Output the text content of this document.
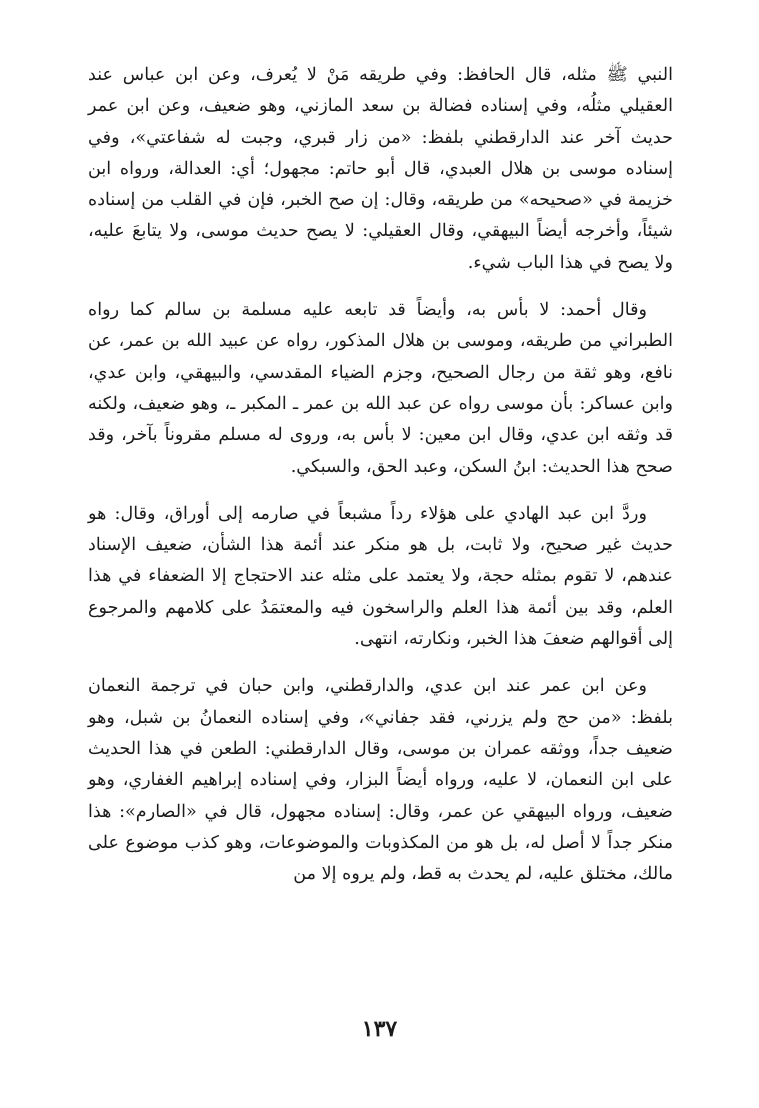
النبي ﷺ مثله، قال الحافظ: وفي طريقه مَنْ لا يُعرف، وعن ابن عباس عند العقيلي مثلُه، وفي إسناده فضالة بن سعد المازني، وهو ضعيف، وعن ابن عمر حديث آخر عند الدارقطني بلفظ: «من زار قبري، وجبت له شفاعتي»، وفي إسناده موسى بن هلال العبدي، قال أبو حاتم: مجهول؛ أي: العدالة، ورواه ابن خزيمة في «صحيحه» من طريقه، وقال: إن صح الخبر، فإن في القلب من إسناده شيئاً، وأخرجه أيضاً البيهقي، وقال العقيلي: لا يصح حديث موسى، ولا يتابعَ عليه، ولا يصح في هذا الباب شيء.

وقال أحمد: لا بأس به، وأيضاً قد تابعه عليه مسلمة بن سالم كما رواه الطبراني من طريقه، وموسى بن هلال المذكور، رواه عن عبيد الله بن عمر، عن نافع، وهو ثقة من رجال الصحيح، وجزم الضياء المقدسي، والبيهقي، وابن عدي، وابن عساكر: بأن موسى رواه عن عبد الله بن عمر ـ المكبر ـ، وهو ضعيف، ولكنه قد وثقه ابن عدي، وقال ابن معين: لا بأس به، وروى له مسلم مقروناً بآخر، وقد صحح هذا الحديث: ابنُ السكن، وعبد الحق، والسبكي.

وردَّ ابن عبد الهادي على هؤلاء رداً مشبعاً في صارمه إلى أوراق، وقال: هو حديث غير صحيح، ولا ثابت، بل هو منكر عند أئمة هذا الشأن، ضعيف الإسناد عندهم، لا تقوم بمثله حجة، ولا يعتمد على مثله عند الاحتجاج إلا الضعفاء في هذا العلم، وقد بين أئمة هذا العلم والراسخون فيه والمعتمَدُ على كلامهم والمرجوع إلى أقوالهم ضعفَ هذا الخبر، ونكارته، انتهى.

وعن ابن عمر عند ابن عدي، والدارقطني، وابن حبان في ترجمة النعمان بلفظ: «من حج ولم يزرني، فقد جفاني»، وفي إسناده النعمانُ بن شبل، وهو ضعيف جداً، ووثقه عمران بن موسى، وقال الدارقطني: الطعن في هذا الحديث على ابن النعمان، لا عليه، ورواه أيضاً البزار، وفي إسناده إبراهيم الغفاري، وهو ضعيف، ورواه البيهقي عن عمر، وقال: إسناده مجهول، قال في «الصارم»: هذا منكر جداً لا أصل له، بل هو من المكذوبات والموضوعات، وهو كذب موضوع على مالك، مختلق عليه، لم يحدث به قط، ولم يروه إلا من

١٣٧
